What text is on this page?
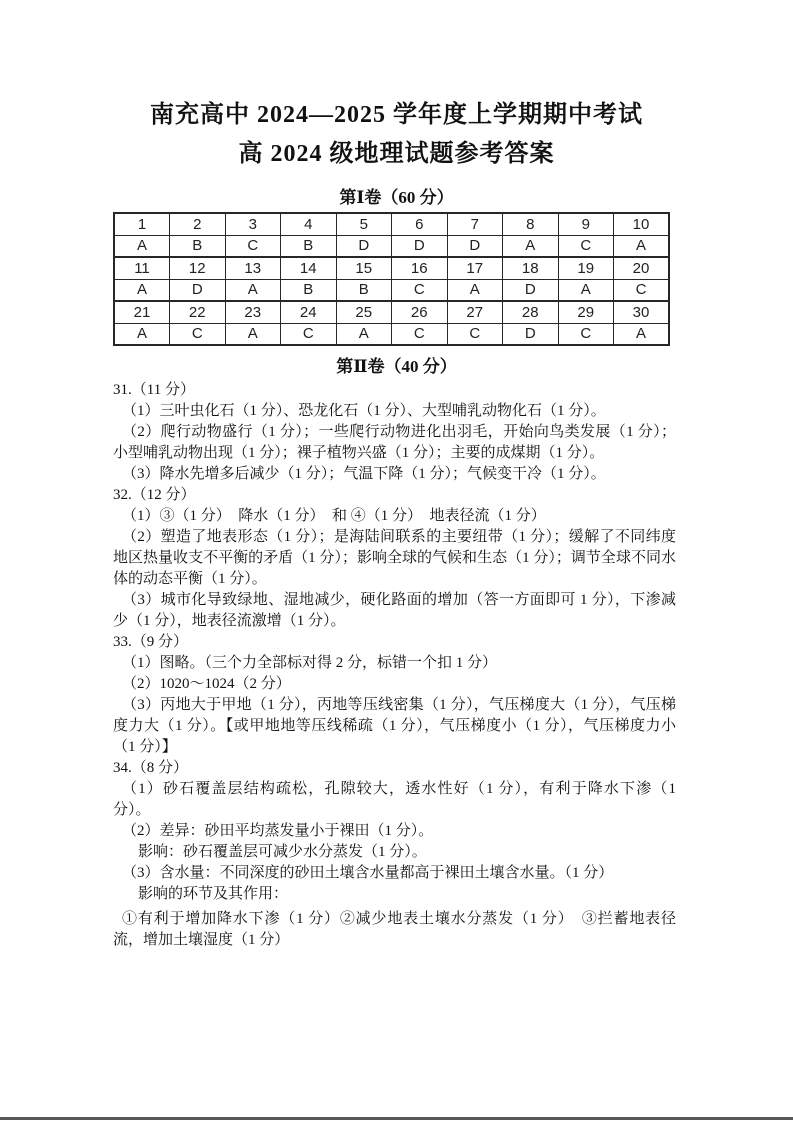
南充高中 2024—2025 学年度上学期期中考试
高 2024 级地理试题参考答案
第Ⅰ卷（60 分）
1	2	3	4	5	6	7	8	9	10
A	B	C	B	D	D	D	A	C	A
11	12	13	14	15	16	17	18	19	20
A	D	A	B	B	C	A	D	A	C
21	22	23	24	25	26	27	28	29	30
A	C	A	C	A	C	C	D	C	A
第Ⅱ卷（40 分）

31.（11 分）

（1）三叶虫化石（1 分）、恐龙化石（1 分）、大型哺乳动物化石（1 分）。

（2）爬行动物盛行（1 分）；一些爬行动物进化出羽毛，开始向鸟类发展（1 分）；小型哺乳动物出现（1 分）；裸子植物兴盛（1 分）；主要的成煤期（1 分）。

（3）降水先增多后减少（1 分）；气温下降（1 分）；气候变干冷（1 分）。

32.（12 分）

（1）③（1 分）　降水（1 分）　和 ④（1 分）　地表径流（1 分）

（2）塑造了地表形态（1 分）；是海陆间联系的主要纽带（1 分）；缓解了不同纬度地区热量收支不平衡的矛盾（1 分）；影响全球的气候和生态（1 分）；调节全球不同水体的动态平衡（1 分）。

（3）城市化导致绿地、湿地减少，硬化路面的增加（答一方面即可 1 分），下渗减少（1 分），地表径流激增（1 分）。

33.（9 分）

（1）图略。（三个力全部标对得 2 分，标错一个扣 1 分）

（2）1020～1024（2 分）

（3）丙地大于甲地（1 分），丙地等压线密集（1 分），气压梯度大（1 分），气压梯度力大（1 分）。【或甲地地等压线稀疏（1 分），气压梯度小（1 分），气压梯度力小（1 分）】

34.（8 分）

（1）砂石覆盖层结构疏松，孔隙较大，透水性好（1 分），有利于降水下渗（1 分）。

（2）差异：砂田平均蒸发量小于裸田（1 分）。

影响：砂石覆盖层可减少水分蒸发（1 分）。

（3）含水量：不同深度的砂田土壤含水量都高于裸田土壤含水量。（1 分）

影响的环节及其作用：

①有利于增加降水下渗（1 分）②减少地表土壤水分蒸发（1 分）　③拦蓄地表径流，增加土壤湿度（1 分）
